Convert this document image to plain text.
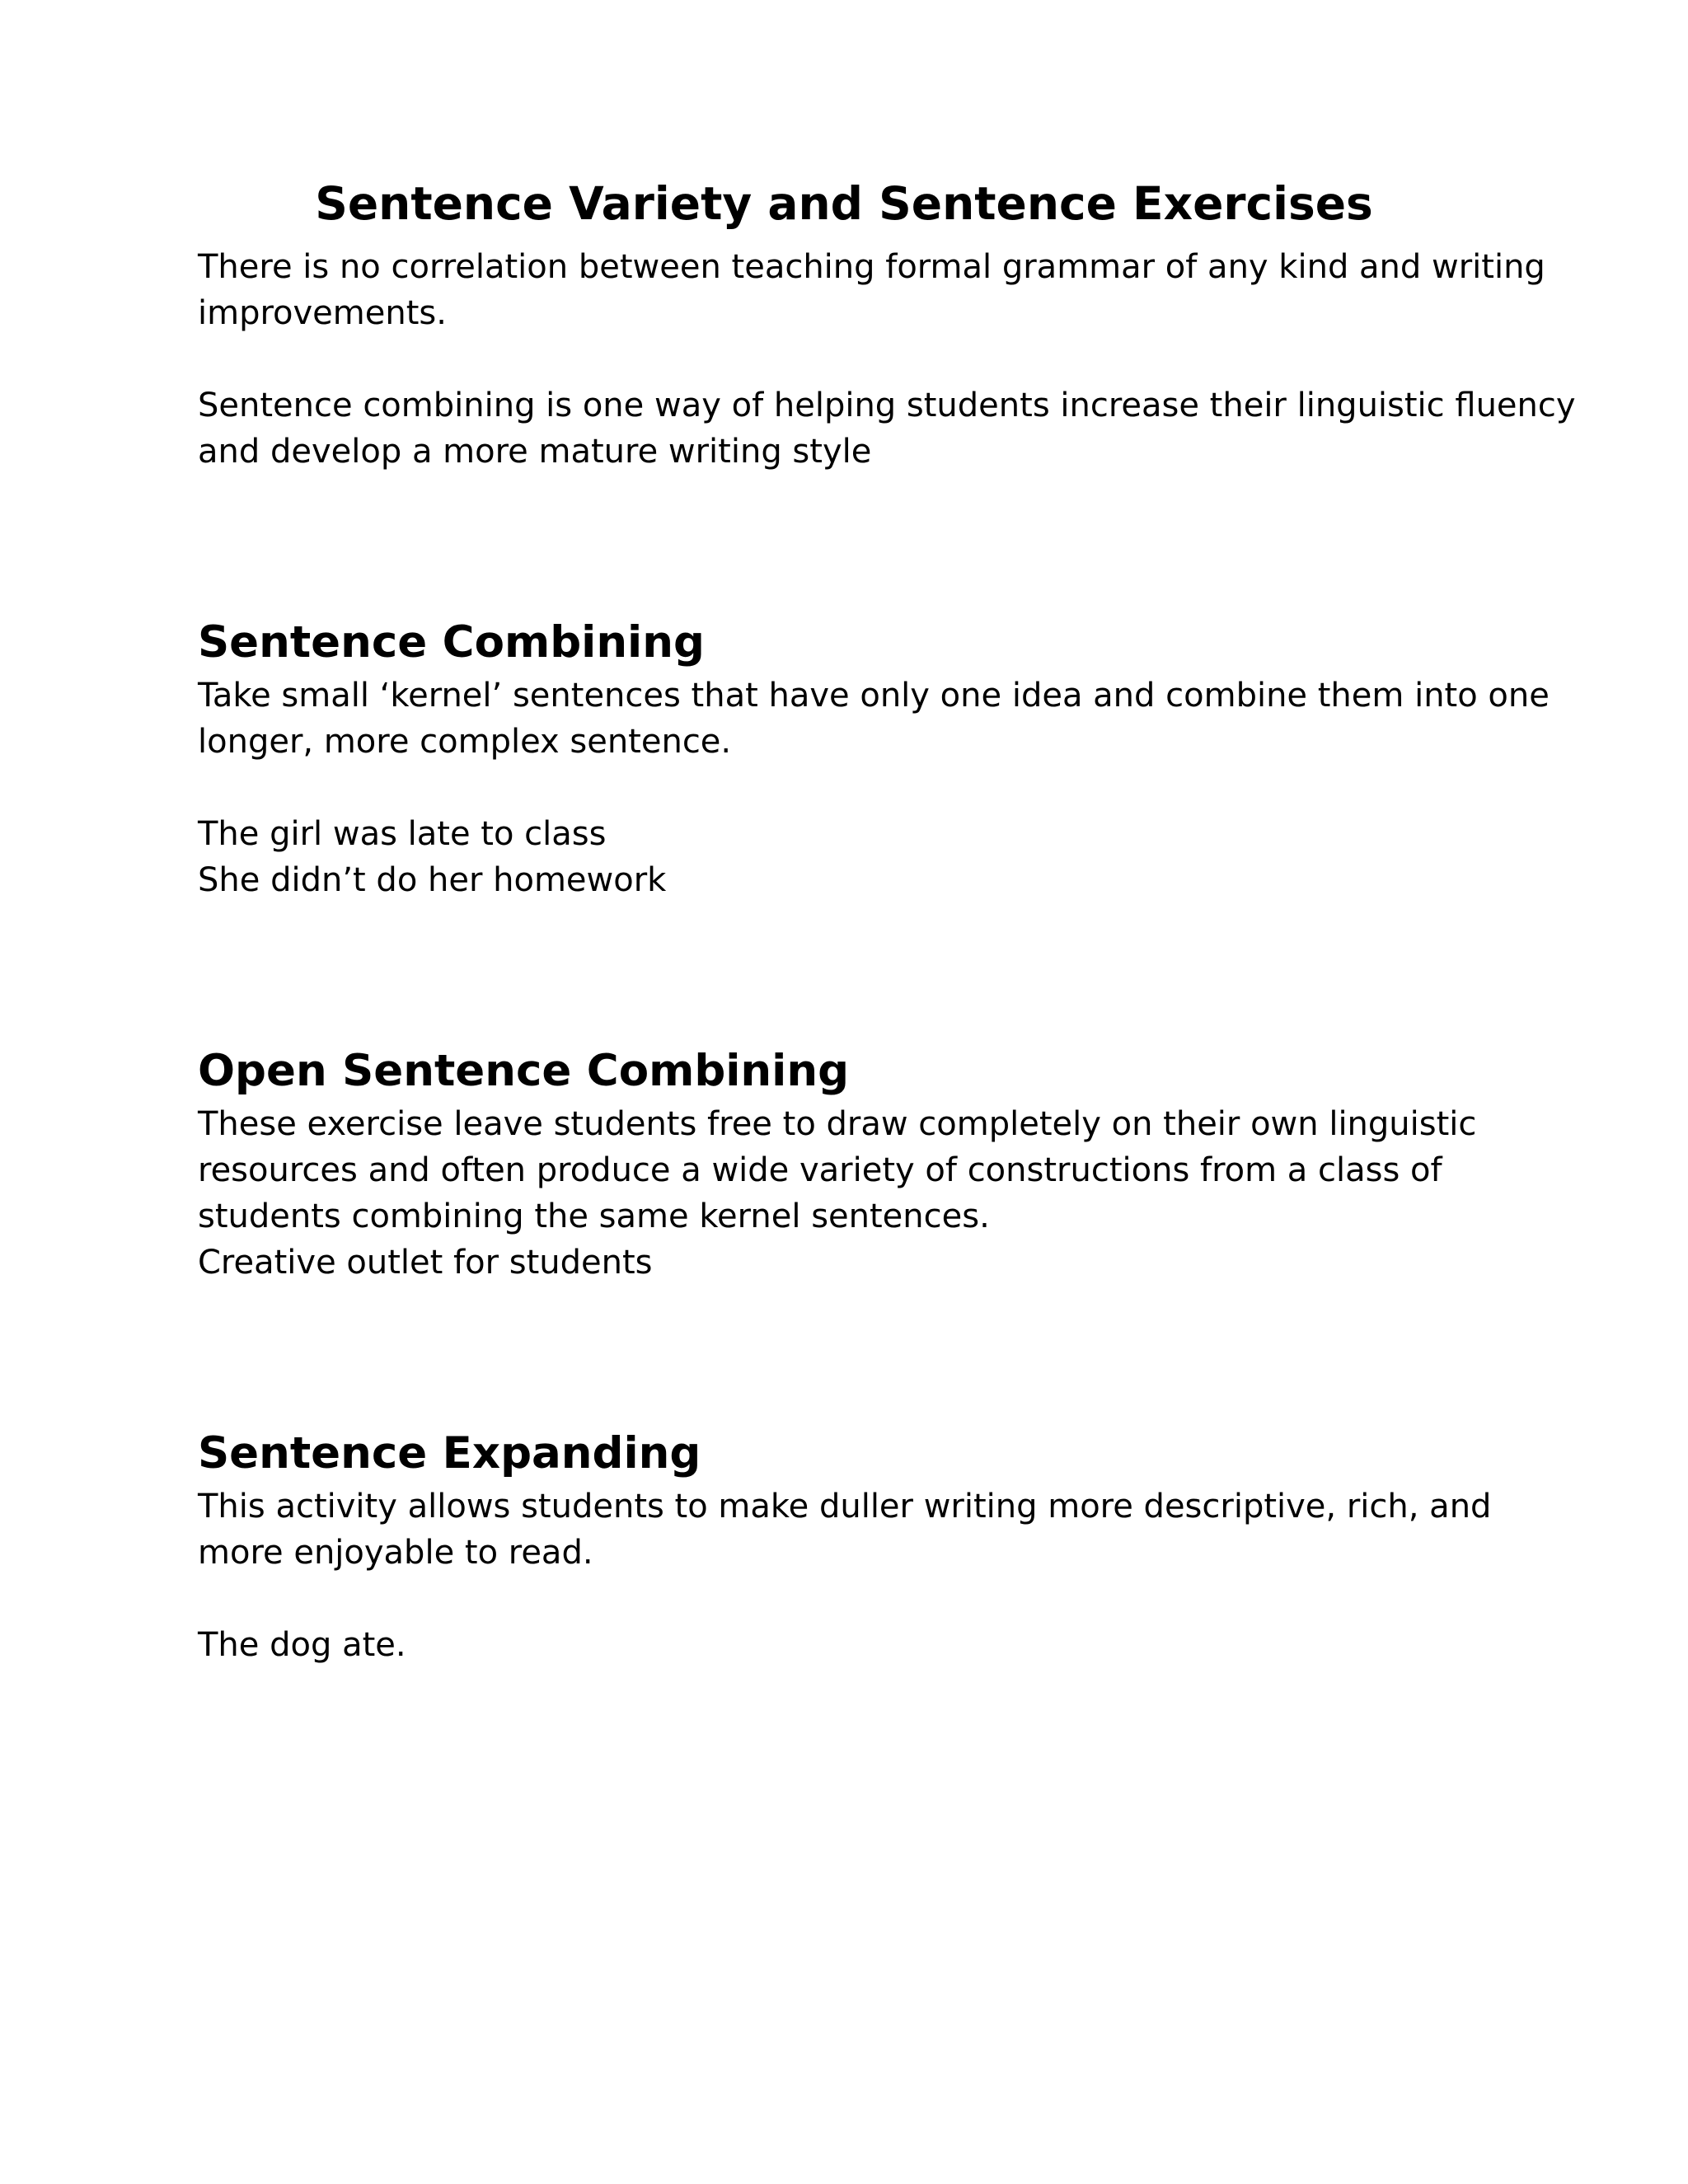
Sentence Variety and Sentence Exercises

There is no correlation between teaching formal grammar of any kind and writing
improvements.

Sentence combining is one way of helping students increase their linguistic fluency
and develop a more mature writing style

Sentence Combining

Take small ‘kernel’ sentences that have only one idea and combine them into one
longer, more complex sentence.

The girl was late to class
She didn’t do her homework

Open Sentence Combining

These exercise leave students free to draw completely on their own linguistic
resources and often produce a wide variety of constructions from a class of
students combining the same kernel sentences.
Creative outlet for students

Sentence Expanding

This activity allows students to make duller writing more descriptive, rich, and
more enjoyable to read.

The dog ate.
